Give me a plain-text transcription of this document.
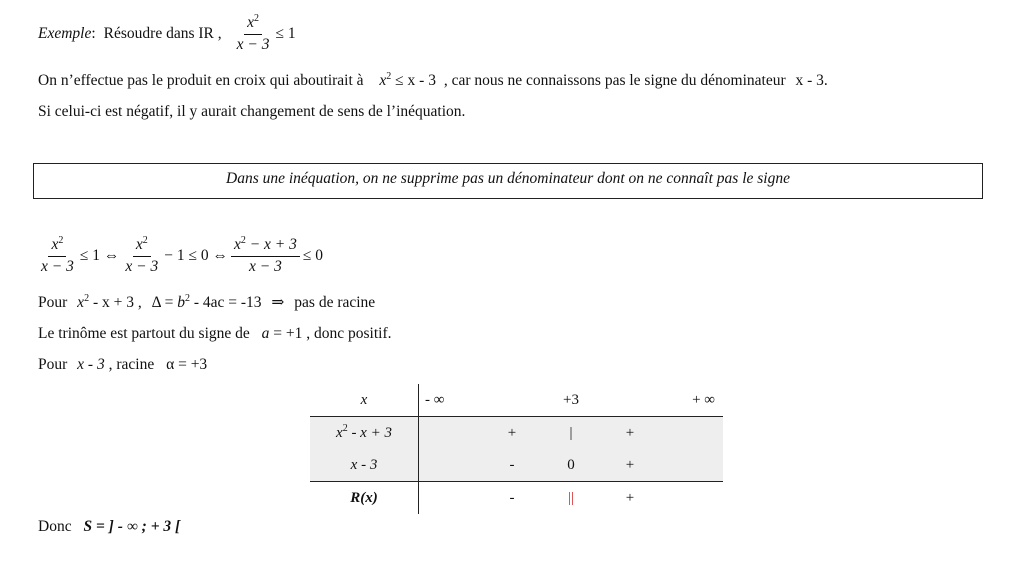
Exemple : Résoudre dans IR , $\frac{x^2}{x - 3} \le 1$
On n’effectue pas le produit en croix qui aboutirait à $x^2 \le x - 3$ , car nous ne connaissons pas le signe du dénominateur x - 3.
Si celui-ci est négatif, il y aurait changement de sens de l’inéquation.
Dans une inéquation, on ne supprime pas un dénominateur dont on ne connaît pas le signe
$\frac{x^2}{x - 3} \le 1$ ⇔ $\frac{x^2}{x - 3} - 1 \le 0$ ⇔ $\frac{x^2 - x + 3}{x - 3} \le 0$
Pour $x^2 - x + 3$ , $\Delta = b^2 - 4ac = -13$ ⇒ pas de racine
Le trinôme est partout du signe de a = +1 , donc positif.
Pour x - 3 , racine α = +3
x	- ∞		+3		+ ∞
$x^2 - x + 3$		+	|	+	
x - 3		-	0	+	
R(x)		-	||	+	
Donc S = ] - ∞ ; + 3 [
